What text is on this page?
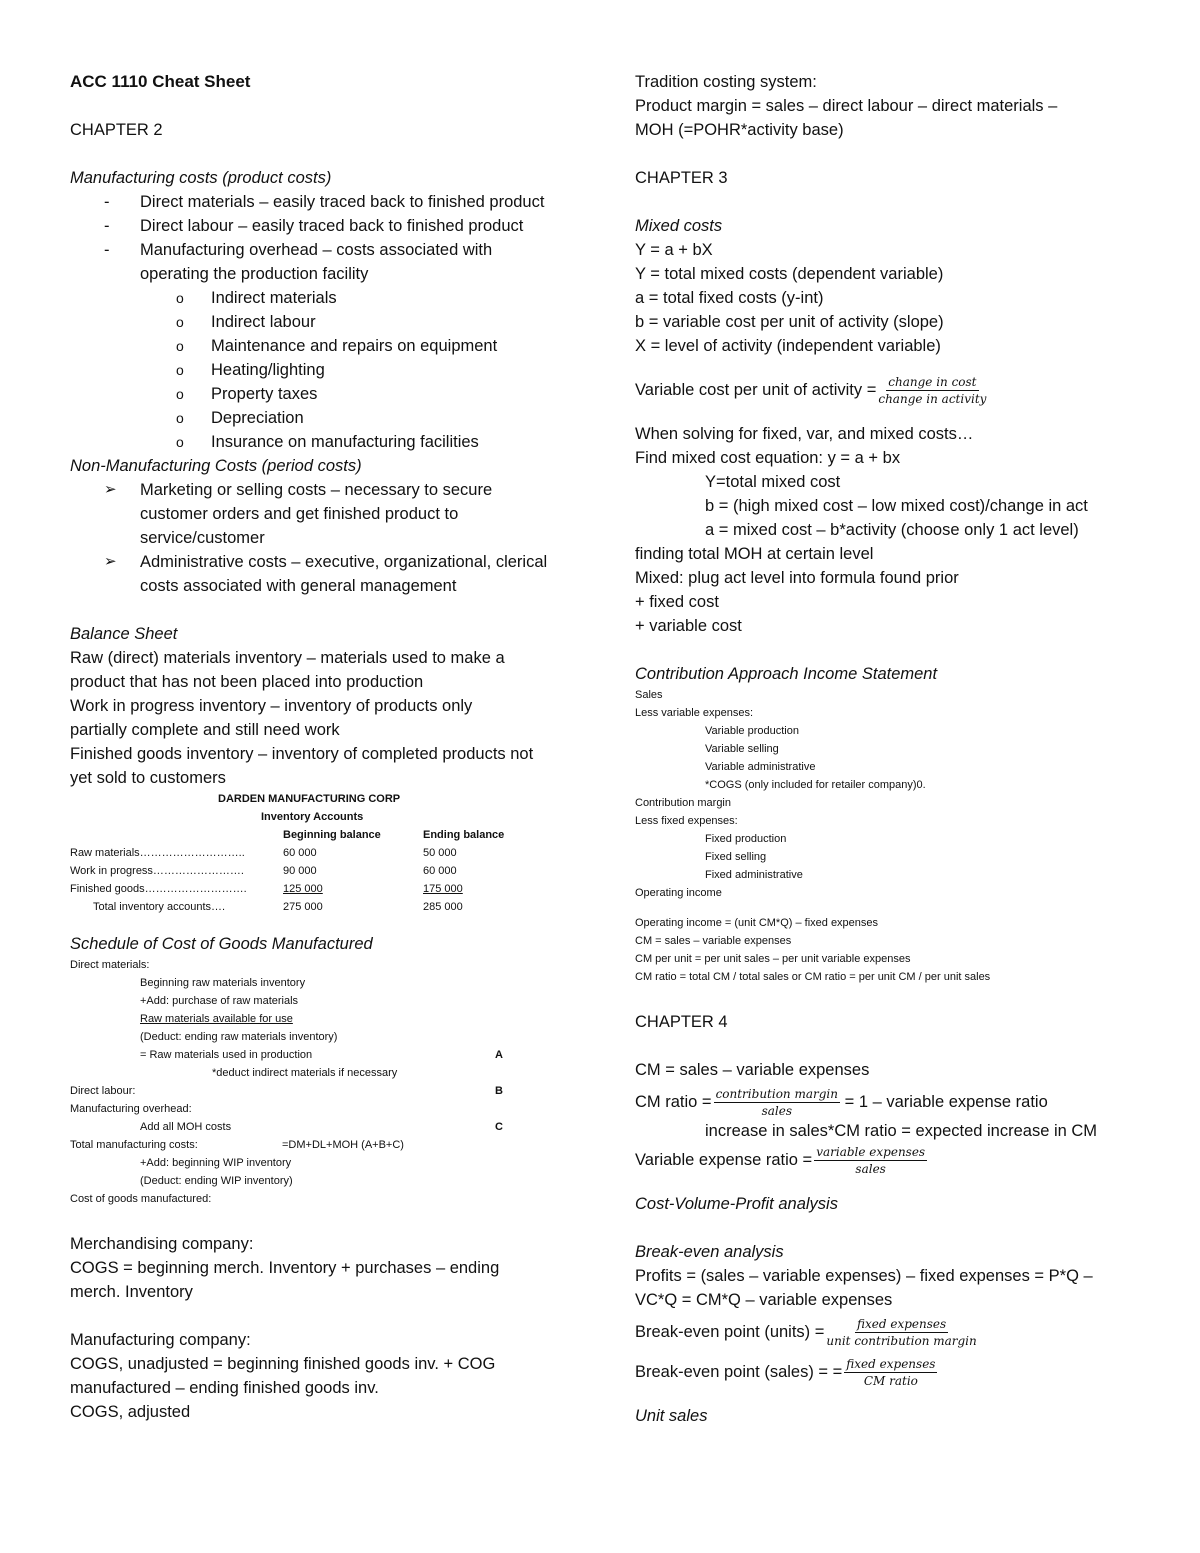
ACC 1110 Cheat Sheet
CHAPTER 2
Manufacturing costs (product costs)
- Direct materials – easily traced back to finished product
- Direct labour – easily traced back to finished product
- Manufacturing overhead – costs associated with operating the production facility
o Indirect materials
o Indirect labour
o Maintenance and repairs on equipment
o Heating/lighting
o Property taxes
o Depreciation
o Insurance on manufacturing facilities
Non-Manufacturing Costs (period costs)
➢ Marketing or selling costs – necessary to secure customer orders and get finished product to service/customer
➢ Administrative costs – executive, organizational, clerical costs associated with general management
Balance Sheet
Raw (direct) materials inventory – materials used to make a product that has not been placed into production
Work in progress inventory – inventory of products only partially complete and still need work
Finished goods inventory – inventory of completed products not yet sold to customers
DARDEN MANUFACTURING CORP
Inventory Accounts
Beginning balance	Ending balance
Raw materials………………………..	60 000	50 000
Work in progress…………………….	90 000	60 000
Finished goods……………………….	125 000	175 000
Total inventory accounts….	275 000	285 000
Schedule of Cost of Goods Manufactured
Direct materials:
Beginning raw materials inventory
+Add: purchase of raw materials
Raw materials available for use
(Deduct: ending raw materials inventory)
= Raw materials used in production	A
*deduct indirect materials if necessary
Direct labour:	B
Manufacturing overhead:
Add all MOH costs	C
Total manufacturing costs:	=DM+DL+MOH (A+B+C)
+Add: beginning WIP inventory
(Deduct: ending WIP inventory)
Cost of goods manufactured:
Merchandising company:
COGS = beginning merch. Inventory + purchases – ending merch. Inventory
Manufacturing company:
COGS, unadjusted = beginning finished goods inv. + COG manufactured – ending finished goods inv.
COGS, adjusted
Tradition costing system:
Product margin = sales – direct labour – direct materials –
MOH (=POHR*activity base)
CHAPTER 3
Mixed costs
Y = a + bX
Y = total mixed costs (dependent variable)
a = total fixed costs (y-int)
b = variable cost per unit of activity (slope)
X = level of activity (independent variable)
Variable cost per unit of activity = $\frac{\text{change in cost}}{\text{change in activity}}$
When solving for fixed, var, and mixed costs…
Find mixed cost equation: y = a + bx
Y=total mixed cost
b = (high mixed cost – low mixed cost)/change in act
a = mixed cost – b*activity (choose only 1 act level)
finding total MOH at certain level
Mixed: plug act level into formula found prior
+ fixed cost
+ variable cost
Contribution Approach Income Statement
Sales
Less variable expenses:
Variable production
Variable selling
Variable administrative
*COGS (only included for retailer company)0.
Contribution margin
Less fixed expenses:
Fixed production
Fixed selling
Fixed administrative
Operating income
Operating income = (unit CM*Q) – fixed expenses
CM = sales – variable expenses
CM per unit = per unit sales – per unit variable expenses
CM ratio = total CM / total sales or CM ratio = per unit CM / per unit sales
CHAPTER 4
CM = sales – variable expenses
CM ratio = $\frac{\text{contribution margin}}{\text{sales}} = 1$ – variable expense ratio
increase in sales*CM ratio = expected increase in CM
Variable expense ratio = $\frac{\text{variable expenses}}{\text{sales}}$
Cost-Volume-Profit analysis
Break-even analysis
Profits = (sales – variable expenses) – fixed expenses = P*Q –
VC*Q = CM*Q – variable expenses
Break-even point (units) = $\frac{\text{fixed expenses}}{\text{unit contribution margin}}$
Break-even point (sales) = = $\frac{\text{fixed expenses}}{\text{CM ratio}}$
Unit sales
